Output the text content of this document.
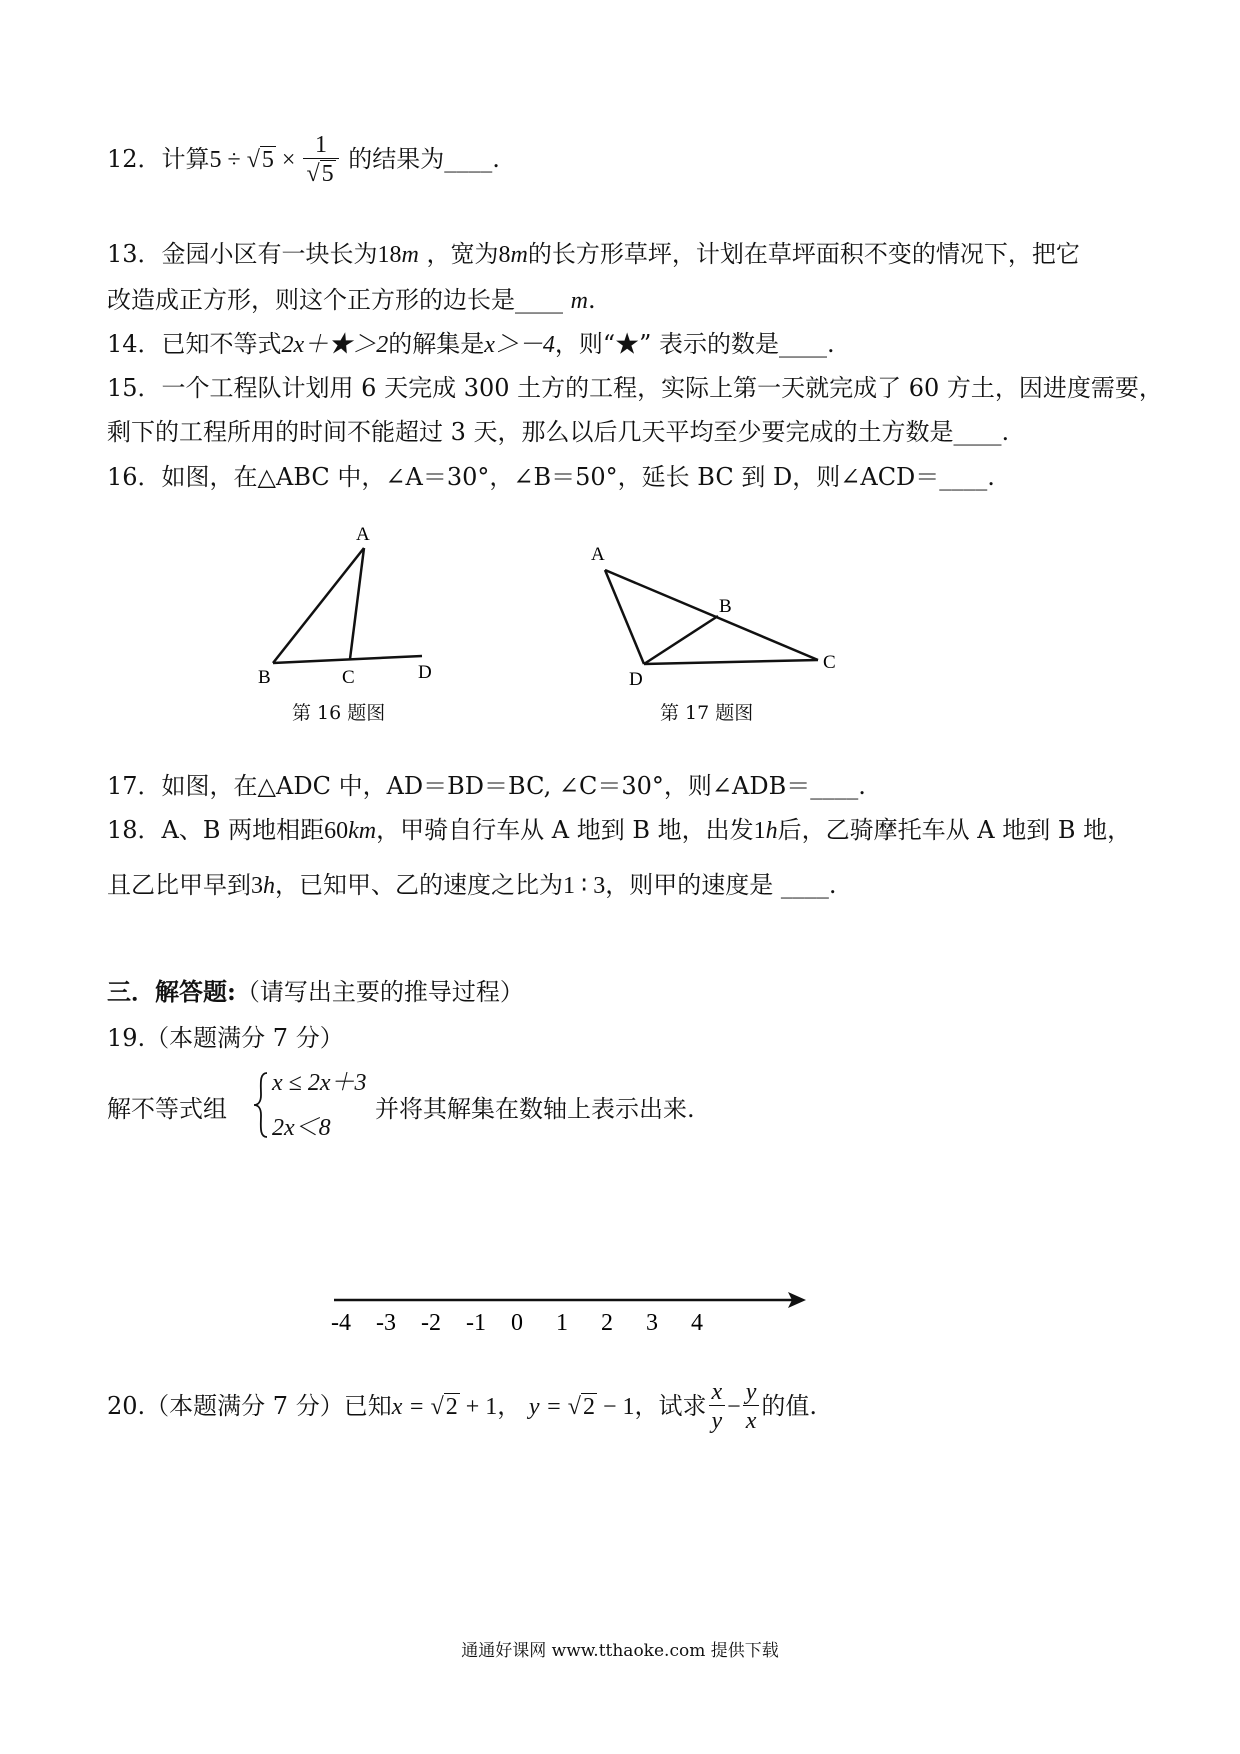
12．计算$5 \div √5 \times \frac{1}{√5}$ 的结果为____.
13．金园小区有一块长为18m ，宽为8m的长方形草坪，计划在草坪面积不变的情况下，把它
改造成正方形，则这个正方形的边长是____ m.
14．已知不等式2x＋★＞2的解集是x＞－4，则“★” 表示的数是____.
15．一个工程队计划用 6 天完成 300 土方的工程，实际上第一天就完成了 60 方土，因进度需要，
剩下的工程所用的时间不能超过 3 天，那么以后几天平均至少要完成的土方数是____.
16．如图，在△ABC 中，∠A＝30°，∠B＝50°，延长 BC 到 D，则∠ACD＝____.
A
B	C	D
第 16 题图
A
B
C
D
第 17 题图
17．如图，在△ADC 中，AD＝BD＝BC, ∠C＝30°，则∠ADB＝____.
18．A、B 两地相距60km，甲骑自行车从 A 地到 B 地，出发1h后，乙骑摩托车从 A 地到 B 地，
且乙比甲早到3h，已知甲、乙的速度之比为1 ∶ 3，则甲的速度是 ____.
三．解答题:（请写出主要的推导过程）
19.（本题满分 7 分）
解不等式组
x ≤ 2x＋3
2x＜8
并将其解集在数轴上表示出来.
-4 -3 -2 -1 0 1 2 3 4
20.（本题满分 7 分）已知x = √2 + 1， y = √2 − 1，试求 $\frac{x}{y} - \frac{y}{x}$ 的值.
通通好课网 www.tthaoke.com 提供下载
